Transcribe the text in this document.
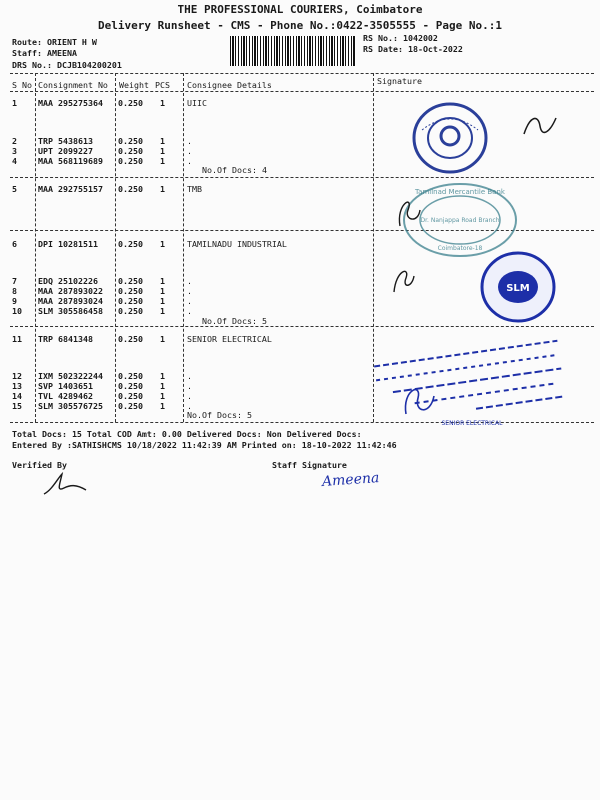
THE PROFESSIONAL COURIERS, Coimbatore
Delivery Runsheet - CMS - Phone No.:0422-3505555 - Page No.:1
Route: ORIENT H W
Staff: AMEENA
DRS No.: DCJB104200201
RS No.: 1042002
RS Date: 18-Oct-2022
S No Consignment No Weight PCS Consignee Details	Signature
1	MAA 295275364 0.250 1	UIIC
2	TRP 5438613	0.250 1	.
3	UPT 2099227	0.250 1	.
4	MAA 568119689 0.250 1	.
No.Of Docs: 4
5	MAA 292755157 0.250 1	TMB
6	DPI 10281511 0.250 1	TAMILNADU INDUSTRIAL
7	EDQ 25102226 0.250 1	.
8	MAA 287893022 0.250 1	.
9	MAA 287893024 0.250 1	.
10 SLM 305586458 0.250 1	.
No.Of Docs: 5
11 TRP 6841348	0.250 1	SENIOR ELECTRICAL
12 IXM 502322244 0.250 1	.
13 SVP 1403651	0.250 1	.
14 TVL 4289462	0.250 1	.
15 SLM 305576725 0.250 1	.
No.Of Docs: 5
Total Docs: 15 Total COD Amt: 0.00 Delivered Docs: Non Delivered Docs:
Entered By :SATHISHCMS 10/18/2022 11:42:39 AM Printed on: 18-10-2022 11:42:46
Verified By	Staff Signature
Tamilnad Mercantile Bank
Dr. Nanjappa Road Branch
Coimbatore-18
SLM
SENIOR ELECTRICAL
Ameena
